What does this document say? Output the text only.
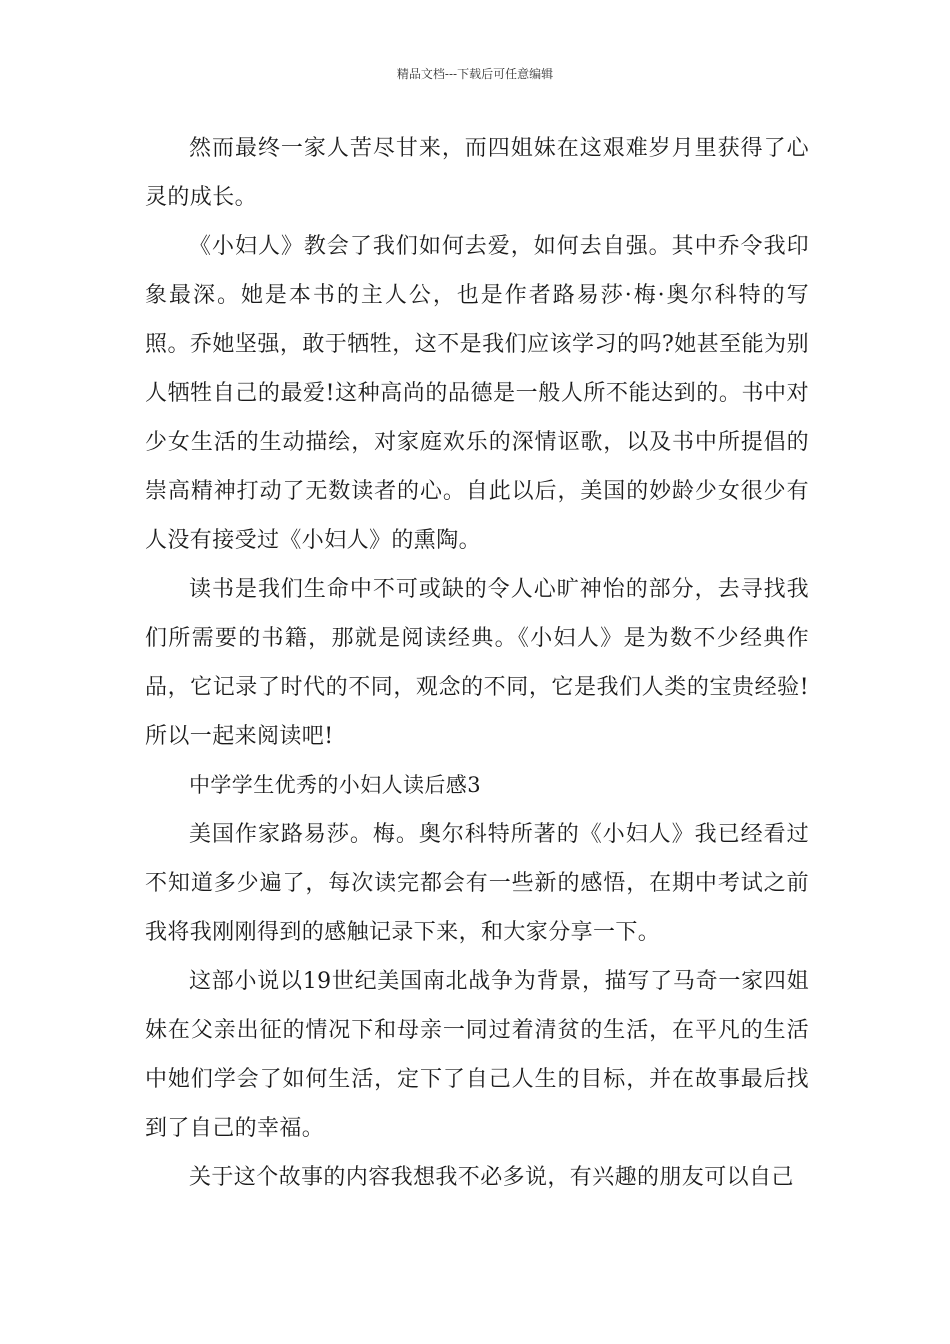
精品文档---下载后可任意编辑

然而最终一家人苦尽甘来，而四姐妹在这艰难岁月里获得了心灵的成长。

《小妇人》教会了我们如何去爱，如何去自强。其中乔令我印象最深。她是本书的主人公，也是作者路易莎·梅·奥尔科特的写照。乔她坚强，敢于牺牲，这不是我们应该学习的吗?她甚至能为别人牺牲自己的最爱!这种高尚的品德是一般人所不能达到的。书中对少女生活的生动描绘，对家庭欢乐的深情讴歌，以及书中所提倡的崇高精神打动了无数读者的心。自此以后，美国的妙龄少女很少有人没有接受过《小妇人》的熏陶。

读书是我们生命中不可或缺的令人心旷神怡的部分，去寻找我们所需要的书籍，那就是阅读经典。《小妇人》是为数不少经典作品，它记录了时代的不同，观念的不同，它是我们人类的宝贵经验!所以一起来阅读吧!

中学学生优秀的小妇人读后感3

美国作家路易莎。梅。奥尔科特所著的《小妇人》我已经看过不知道多少遍了，每次读完都会有一些新的感悟，在期中考试之前我将我刚刚得到的感触记录下来，和大家分享一下。

这部小说以19世纪美国南北战争为背景，描写了马奇一家四姐妹在父亲出征的情况下和母亲一同过着清贫的生活，在平凡的生活中她们学会了如何生活，定下了自己人生的目标，并在故事最后找到了自己的幸福。

关于这个故事的内容我想我不必多说，有兴趣的朋友可以自己
